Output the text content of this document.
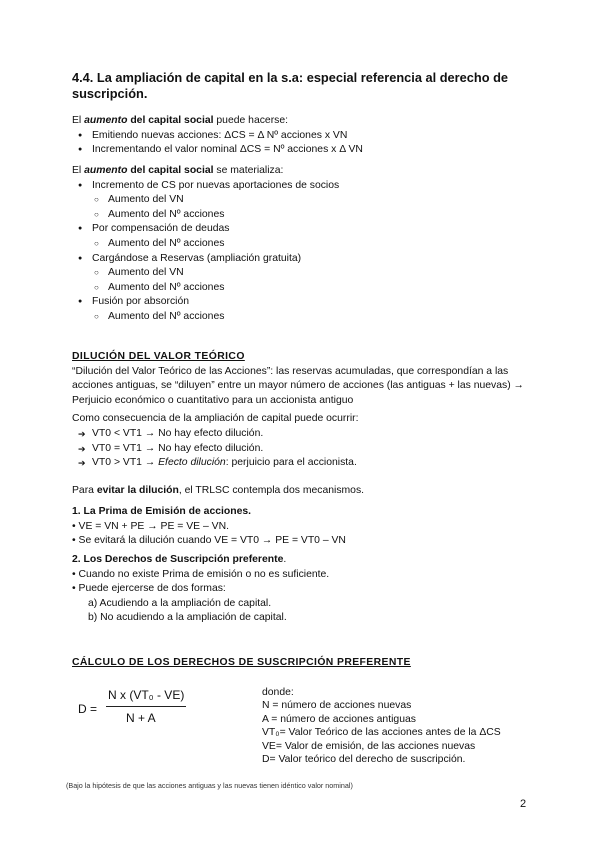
4.4. La ampliación de capital en la s.a: especial referencia al derecho de suscripción.

El aumento del capital social puede hacerse:

● Emitiendo nuevas acciones: ΔCS = Δ Nº acciones x VN
● Incrementando el valor nominal ΔCS = Nº acciones x Δ VN

El aumento del capital social se materializa:

● Incremento de CS por nuevas aportaciones de socios
○ Aumento del VN
○ Aumento del Nº acciones
● Por compensación de deudas
○ Aumento del Nº acciones
● Cargándose a Reservas (ampliación gratuita)
○ Aumento del VN
○ Aumento del Nº acciones
● Fusión por absorción
○ Aumento del Nº acciones

DILUCIÓN DEL VALOR TEÓRICO

“Dilución del Valor Teórico de las Acciones”: las reservas acumuladas, que correspondían a las acciones antiguas, se “diluyen” entre un mayor número de acciones (las antiguas + las nuevas) → Perjuicio económico o cuantitativo para un accionista antiguo

Como consecuencia de la ampliación de capital puede ocurrir:

➔ VT0 < VT1 → No hay efecto dilución.
➔ VT0 = VT1 → No hay efecto dilución.
➔ VT0 > VT1 → Efecto dilución: perjuicio para el accionista.

Para evitar la dilución, el TRLSC contempla dos mecanismos.

1. La Prima de Emisión de acciones.

• VE = VN + PE → PE = VE – VN.

• Se evitará la dilución cuando VE = VT0 → PE = VT0 – VN

2. Los Derechos de Suscripción preferente.

• Cuando no existe Prima de emisión o no es suficiente.

• Puede ejercerse de dos formas:

a) Acudiendo a la ampliación de capital.

b) No acudiendo a la ampliación de capital.

CÁLCULO DE LOS DERECHOS DE SUSCRIPCIÓN PREFERENTE

D =
N x (VT₀ - VE)
N + A

donde:

N = número de acciones nuevas

A = número de acciones antiguas

VT₀= Valor Teórico de las acciones antes de la ΔCS

VE= Valor de emisión, de las acciones nuevas

D= Valor teórico del derecho de suscripción.

(Bajo la hipótesis de que las acciones antiguas y las nuevas tienen idéntico valor nominal)

2
